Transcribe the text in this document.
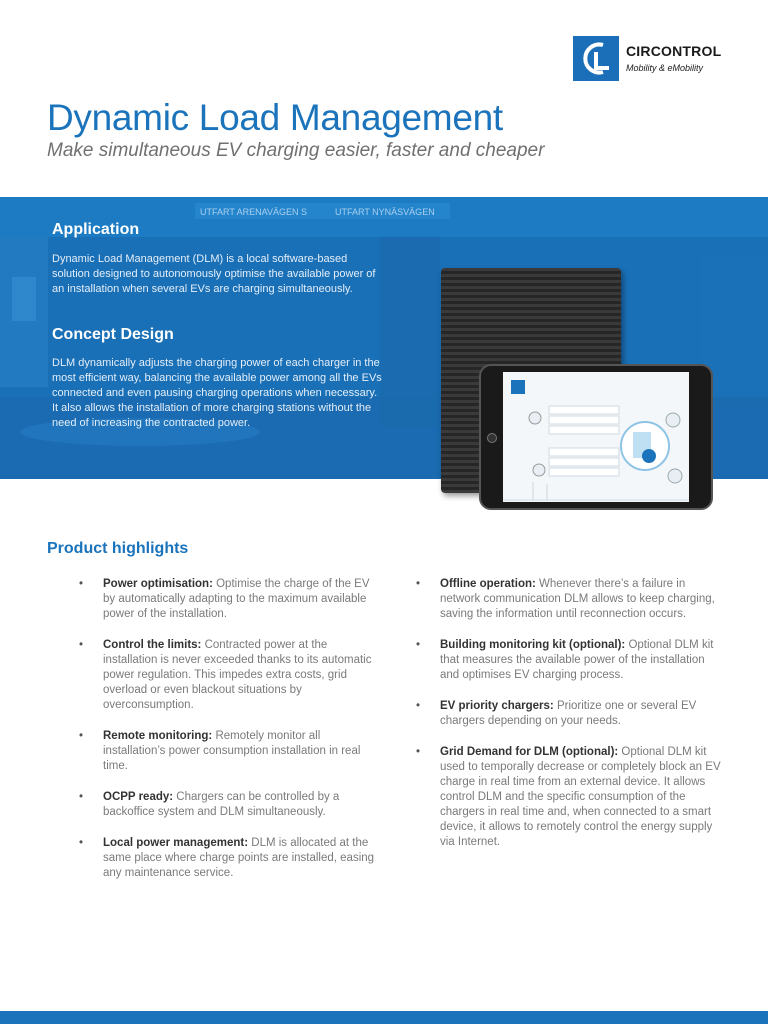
CIRCONTROL
Mobility & eMobility
Dynamic Load Management
Make simultaneous EV charging easier, faster and cheaper
UTFART ARENAVÄGEN S	UTFART NYNÄSVÄGEN
Application

Dynamic Load Management (DLM) is a local software-based solution designed to autonomously optimise the available power of an installation when several EVs are charging simultaneously.

Concept Design

DLM dynamically adjusts the charging power of each charger in the most efficient way, balancing the available power among all the EVs connected and even pausing charging operations when necessary. It also allows the installation of more charging stations without the need of increasing the contracted power.

Product highlights
• Power optimisation: Optimise the charge of the EV by automatically adapting to the maximum available power of the installation.
• Control the limits: Contracted power at the installation is never exceeded thanks to its automatic power regulation. This impedes extra costs, grid overload or even blackout situations by overconsumption.
• Remote monitoring: Remotely monitor all installation’s power consumption installation in real time.
• OCPP ready: Chargers can be controlled by a backoffice system and DLM simultaneously.
• Local power management: DLM is allocated at the same place where charge points are installed, easing any maintenance service.
• Offline operation: Whenever there’s a failure in network communication DLM allows to keep charging, saving the information until reconnection occurs.
• Building monitoring kit (optional): Optional DLM kit that measures the available power of the installation and optimises EV charging process.
• EV priority chargers: Prioritize one or several EV chargers depending on your needs.
• Grid Demand for DLM (optional): Optional DLM kit used to temporally decrease or completely block an EV charge in real time from an external device. It allows control DLM and the specific consumption of the chargers in real time and, when connected to a smart device, it allows to remotely control the energy supply via Internet.
